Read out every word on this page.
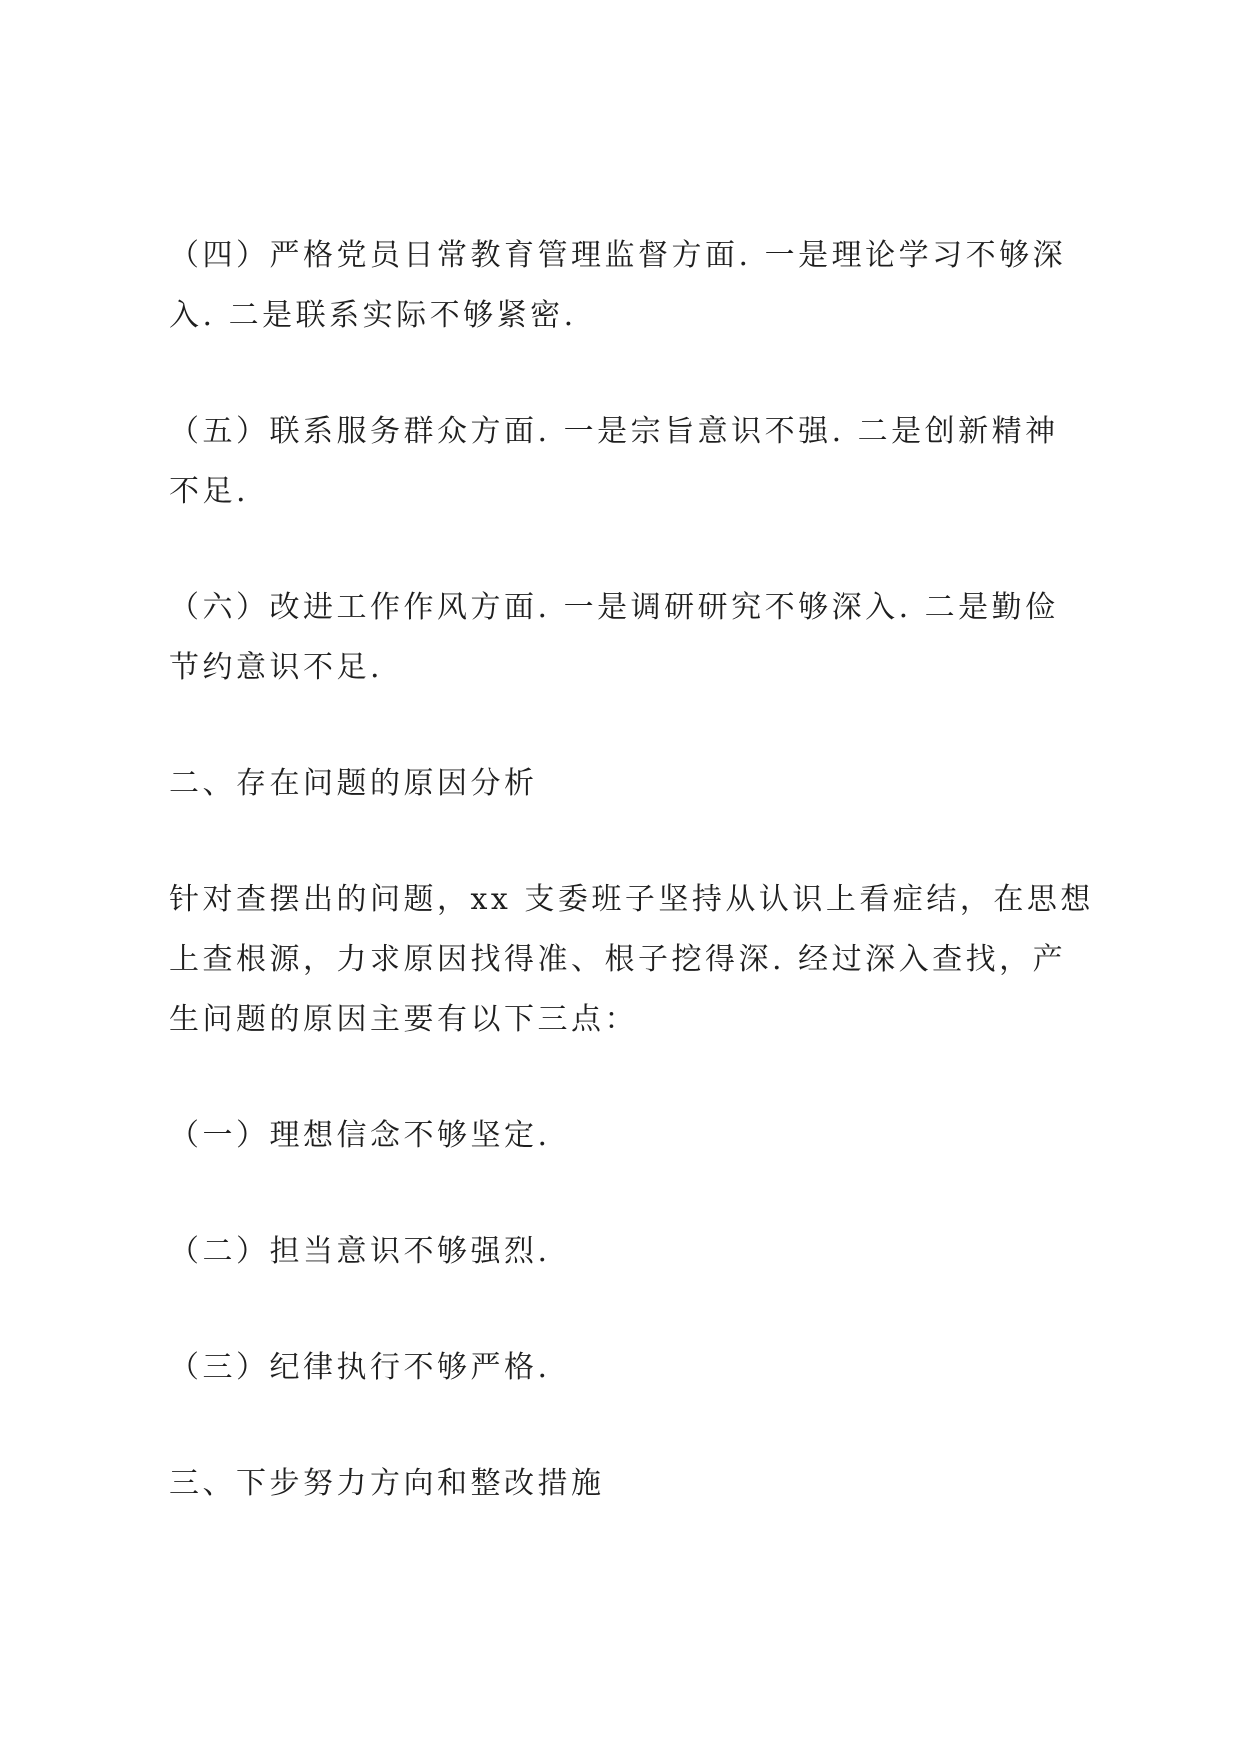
（四）严格党员日常教育管理监督方面. 一是理论学习不够深
入. 二是联系实际不够紧密.
（五）联系服务群众方面. 一是宗旨意识不强. 二是创新精神
不足.
（六）改进工作作风方面. 一是调研研究不够深入. 二是勤俭
节约意识不足.
二、存在问题的原因分析
针对查摆出的问题，xx 支委班子坚持从认识上看症结，在思想
上查根源，力求原因找得准、根子挖得深. 经过深入查找，产
生问题的原因主要有以下三点：
（一）理想信念不够坚定.
（二）担当意识不够强烈.
（三）纪律执行不够严格.
三、下步努力方向和整改措施
